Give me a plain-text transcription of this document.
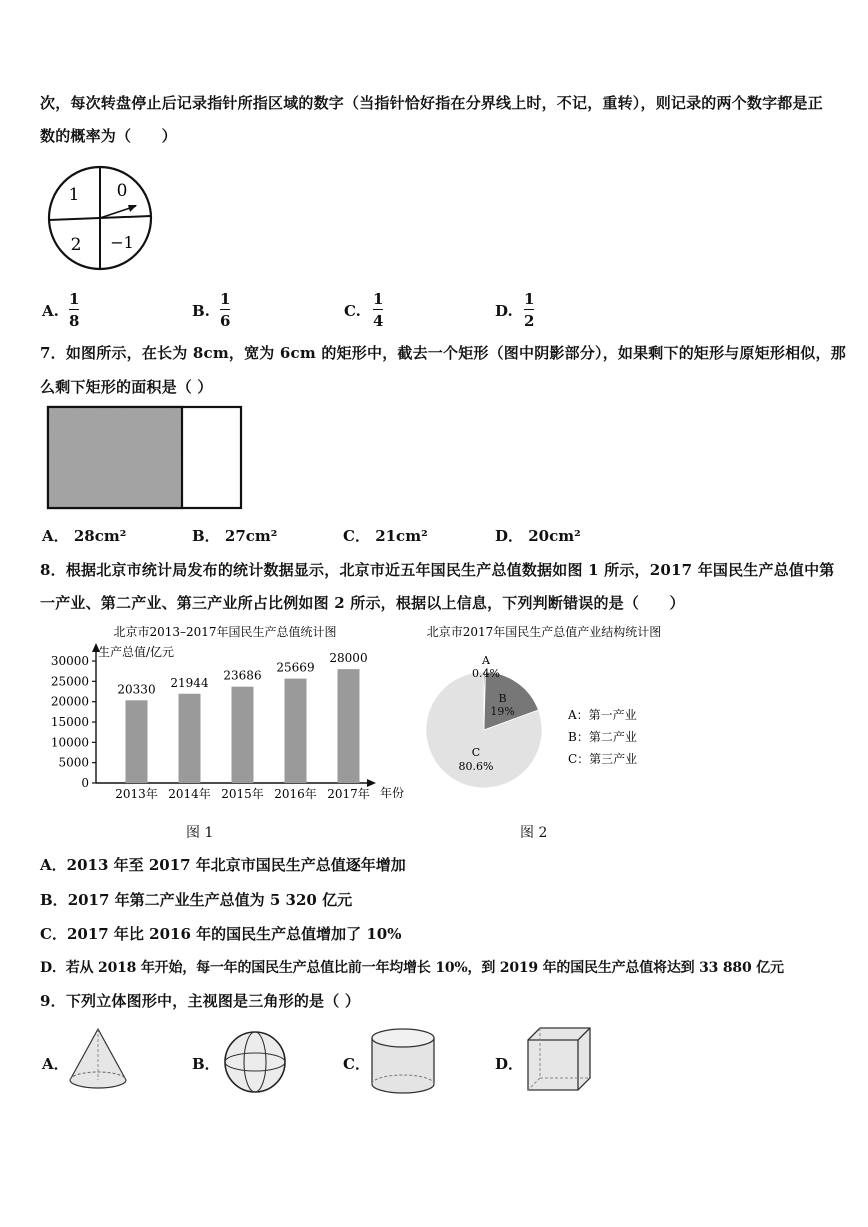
次，每次转盘停止后记录指针所指区域的数字（当指针恰好指在分界线上时，不记，重转），则记录的两个数字都是正
数的概率为（　　）
1 0
2 −1
A.
1
8
B.
1
6
C.
1
4
D.
1
2
7．如图所示，在长为 8cm，宽为 6cm 的矩形中，截去一个矩形（图中阴影部分），如果剩下的矩形与原矩形相似，那
么剩下矩形的面积是（ ）
A． 28cm²	B． 27cm²	C． 21cm²	D． 20cm²
8．根据北京市统计局发布的统计数据显示，北京市近五年国民生产总值数据如图 1 所示，2017 年国民生产总值中第
一产业、第二产业、第三产业所占比例如图 2 所示，根据以上信息，下列判断错误的是（　　）
北京市2013–2017年国民生产总值统计图
生产总值/亿元
年份
0
5000
10000
15000
20000
25000
30000
20330
2013年
21944
2014年
23686
2015年
25669
2016年
28000
2017年
北京市2017年国民生产总值产业结构统计图
A
0.4%
B
19%
C
80.6%
A：第一产业
B：第二产业
C：第三产业
图 1	图 2
A．2013 年至 2017 年北京市国民生产总值逐年增加
B．2017 年第二产业生产总值为 5 320 亿元
C．2017 年比 2016 年的国民生产总值增加了 10%
D．若从 2018 年开始，每一年的国民生产总值比前一年均增长 10%，到 2019 年的国民生产总值将达到 33 880 亿元
9．下列立体图形中，主视图是三角形的是（ ）
A．	B．	C．	D．
